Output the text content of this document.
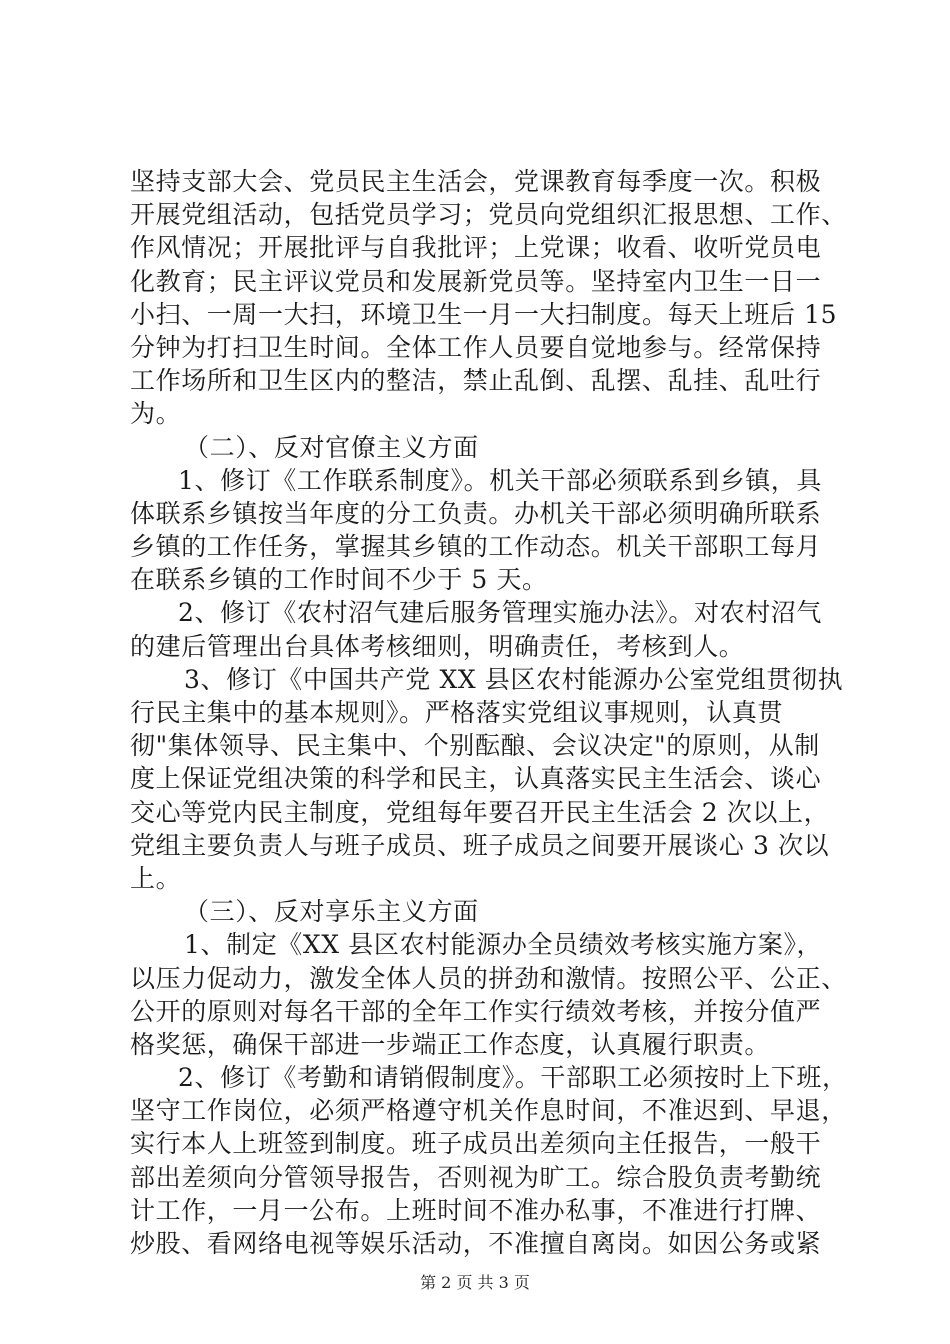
坚持支部大会、党员民主生活会，党课教育每季度一次。积极
开展党组活动，包括党员学习；党员向党组织汇报思想、工作、
作风情况；开展批评与自我批评；上党课；收看、收听党员电
化教育；民主评议党员和发展新党员等。坚持室内卫生一日一
小扫、一周一大扫，环境卫生一月一大扫制度。每天上班后 15
分钟为打扫卫生时间。全体工作人员要自觉地参与。经常保持
工作场所和卫生区内的整洁，禁止乱倒、乱摆、乱挂、乱吐行
为。
（二）、反对官僚主义方面
1、修订《工作联系制度》。机关干部必须联系到乡镇，具
体联系乡镇按当年度的分工负责。办机关干部必须明确所联系
乡镇的工作任务，掌握其乡镇的工作动态。机关干部职工每月
在联系乡镇的工作时间不少于 5 天。
2、修订《农村沼气建后服务管理实施办法》。对农村沼气
的建后管理出台具体考核细则，明确责任，考核到人。
3、修订《中国共产党 XX 县区农村能源办公室党组贯彻执
行民主集中的基本规则》。严格落实党组议事规则，认真贯
彻"集体领导、民主集中、个别酝酿、会议决定"的原则，从制
度上保证党组决策的科学和民主，认真落实民主生活会、谈心
交心等党内民主制度，党组每年要召开民主生活会 2 次以上，
党组主要负责人与班子成员、班子成员之间要开展谈心 3 次以
上。
（三）、反对享乐主义方面
1、制定《XX 县区农村能源办全员绩效考核实施方案》，
以压力促动力，激发全体人员的拼劲和激情。按照公平、公正、
公开的原则对每名干部的全年工作实行绩效考核，并按分值严
格奖惩，确保干部进一步端正工作态度，认真履行职责。
2、修订《考勤和请销假制度》。干部职工必须按时上下班，
坚守工作岗位，必须严格遵守机关作息时间，不准迟到、早退，
实行本人上班签到制度。班子成员出差须向主任报告，一般干
部出差须向分管领导报告，否则视为旷工。综合股负责考勤统
计工作，一月一公布。上班时间不准办私事，不准进行打牌、
炒股、看网络电视等娱乐活动，不准擅自离岗。如因公务或紧
第 2 页 共 3 页
